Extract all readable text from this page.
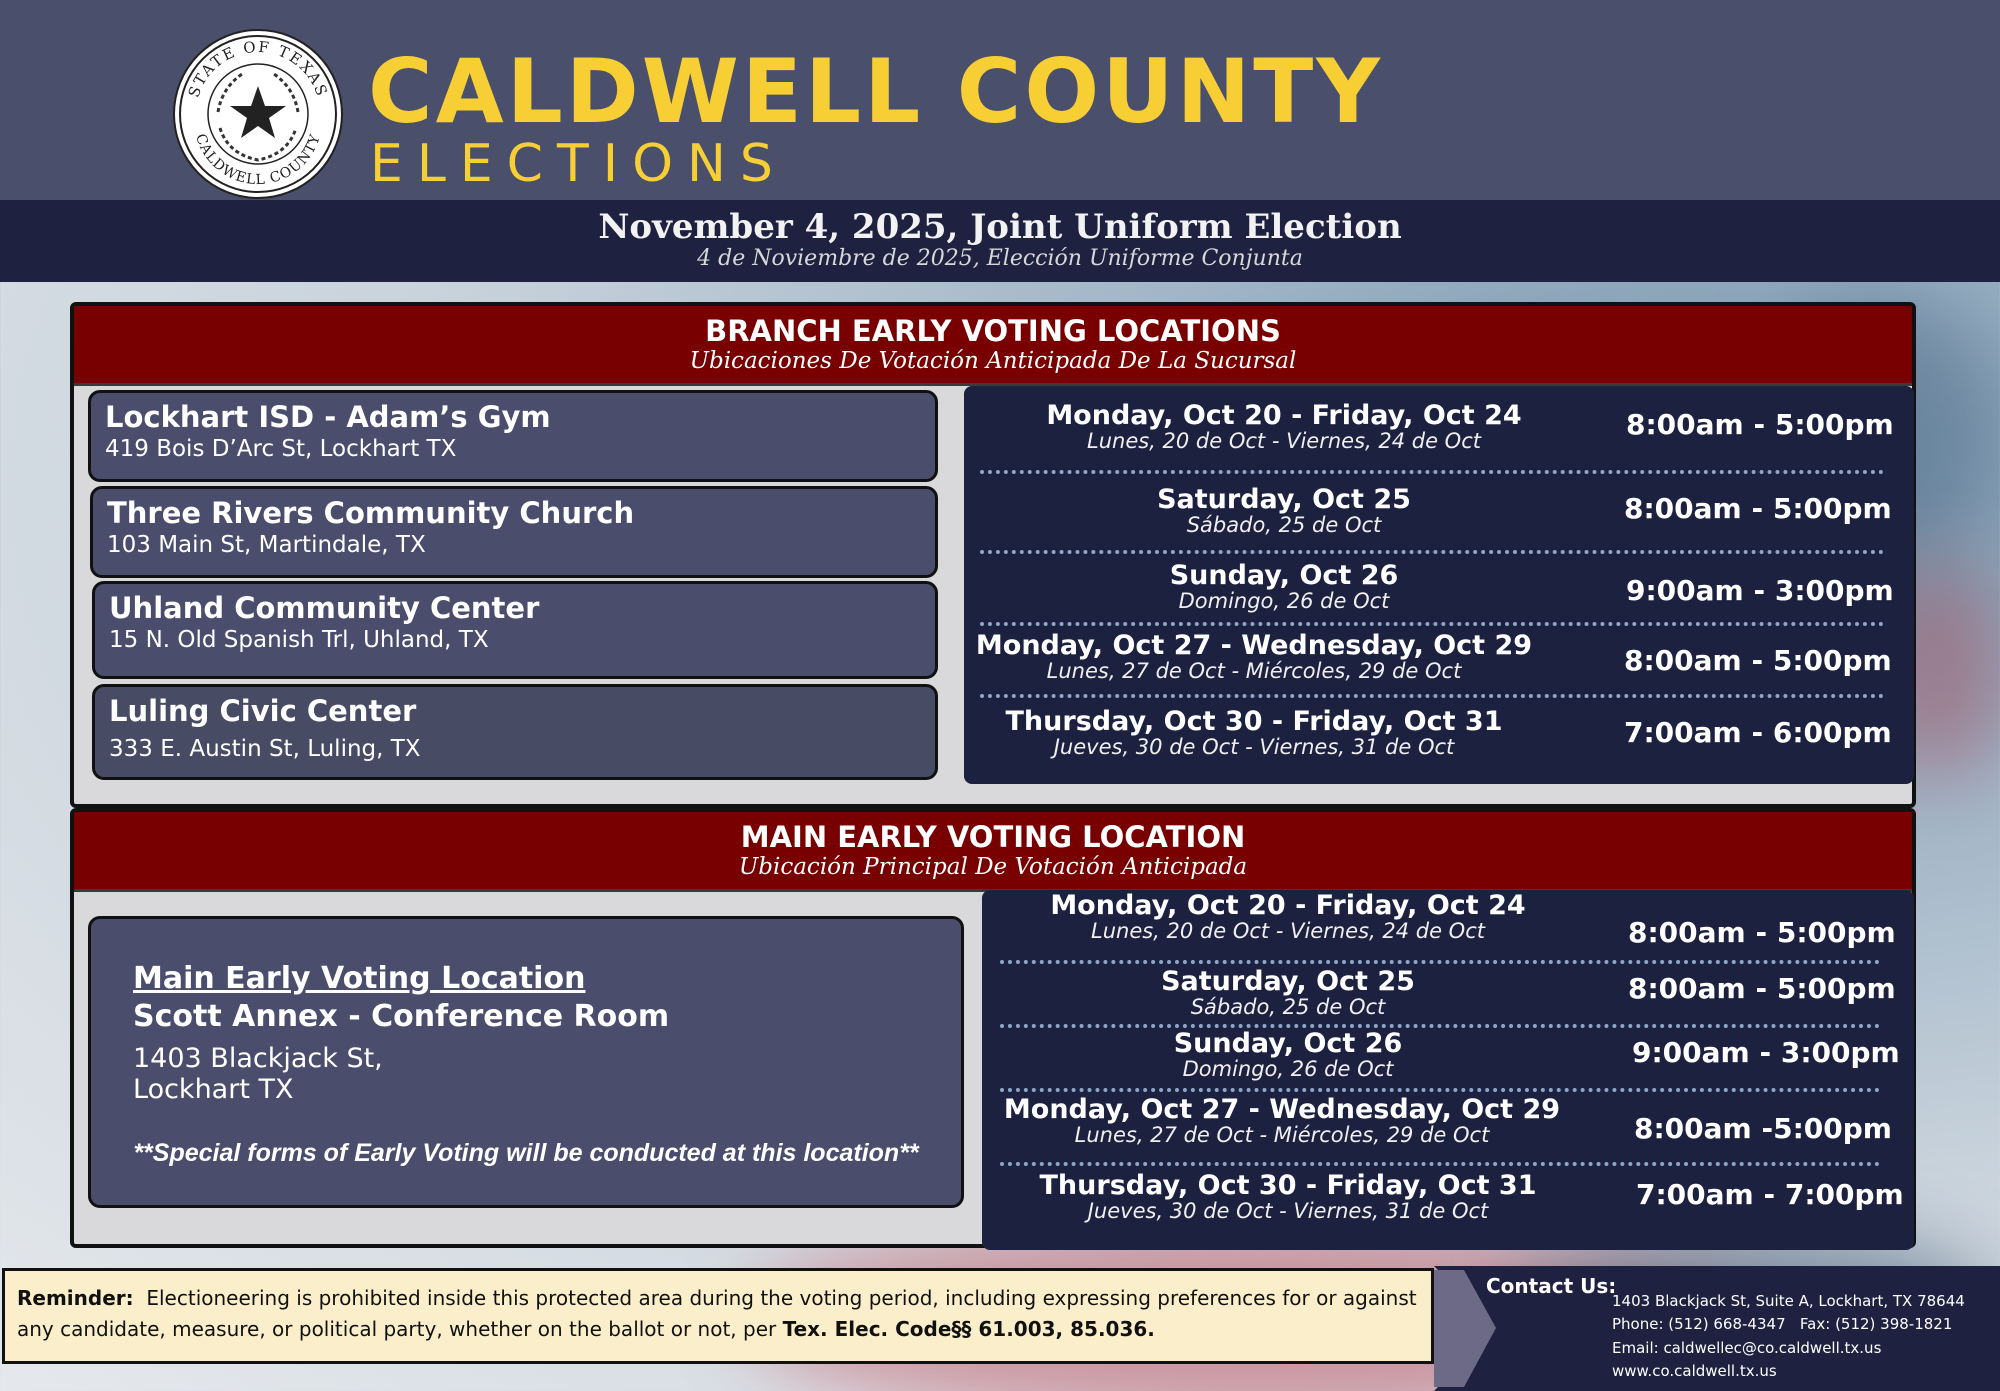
STATE OF TEXAS
CALDWELL COUNTY CALDWELL COUNTY
ELECTIONS
November 4, 2025, Joint Uniform Election
4 de Noviembre de 2025, Elección Uniforme Conjunta
BRANCH EARLY VOTING LOCATIONS
Ubicaciones De Votación Anticipada De La Sucursal
Lockhart ISD - Adam’s Gym
419 Bois D’Arc St, Lockhart TX
Three Rivers Community Church
103 Main St, Martindale, TX
Uhland Community Center
15 N. Old Spanish Trl, Uhland, TX
Luling Civic Center
333 E. Austin St, Luling, TX
Monday, Oct 20 - Friday, Oct 24
Lunes, 20 de Oct - Viernes, 24 de Oct
8:00am - 5:00pm
Saturday, Oct 25
Sábado, 25 de Oct
8:00am - 5:00pm
Sunday, Oct 26
Domingo, 26 de Oct	9:00am - 3:00pm
Monday, Oct 27 - Wednesday, Oct 29
Lunes, 27 de Oct - Miércoles, 29 de Oct	8:00am - 5:00pm
Thursday, Oct 30 - Friday, Oct 31
Jueves, 30 de Oct - Viernes, 31 de Oct	7:00am - 6:00pm
MAIN EARLY VOTING LOCATION
Ubicación Principal De Votación Anticipada
Main Early Voting Location
Scott Annex - Conference Room
1403 Blackjack St,
Lockhart TX
**Special forms of Early Voting will be conducted at this location**
Monday, Oct 20 - Friday, Oct 24
Lunes, 20 de Oct - Viernes, 24 de Oct	8:00am - 5:00pm
Saturday, Oct 25
Sábado, 25 de Oct
8:00am - 5:00pm
Sunday, Oct 26
Domingo, 26 de Oct
9:00am - 3:00pm
Monday, Oct 27 - Wednesday, Oct 29
Lunes, 27 de Oct - Miércoles, 29 de Oct	8:00am -5:00pm
Thursday, Oct 30 - Friday, Oct 31
Jueves, 30 de Oct - Viernes, 31 de Oct
7:00am - 7:00pm
Reminder: Electioneering is prohibited inside this protected area during the voting period, including expressing preferences for or against any candidate, measure, or political party, whether on the ballot or not, per Tex. Elec. Code§§ 61.003, 85.036.
Contact Us:
1403 Blackjack St, Suite A, Lockhart, TX 78644
Phone: (512) 668-4347 Fax: (512) 398-1821
Email: caldwellec@co.caldwell.tx.us
www.co.caldwell.tx.us
